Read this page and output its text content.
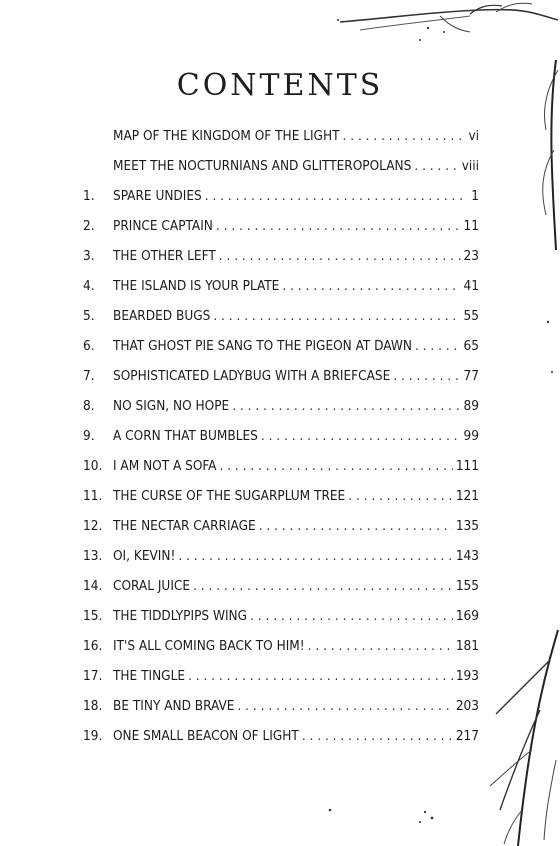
CONTENTS
MAP OF THE KINGDOM OF THE LIGHT . . .	vi
MEET THE NOCTURNIANS AND GLITTEROPOLANS . . .	viii
1.	SPARE UNDIES . . .	1
2.	PRINCE CAPTAIN . . .	11
3.	THE OTHER LEFT . . .	23
4.	THE ISLAND IS YOUR PLATE . . .	41
5.	BEARDED BUGS . . .	55
6.	THAT GHOST PIE SANG TO THE PIGEON AT DAWN . . .	65
7.	SOPHISTICATED LADYBUG WITH A BRIEFCASE . . .	77
8.	NO SIGN, NO HOPE . . .	89
9.	A CORN THAT BUMBLES . . .	99
10. I AM NOT A SOFA . . .	111
11. THE CURSE OF THE SUGARPLUM TREE . . .	121
12. THE NECTAR CARRIAGE . . .	135
13. OI, KEVIN! . . .	143
14. CORAL JUICE . . .	155
15. THE TIDDLYPIPS WING . . .	169
16. IT'S ALL COMING BACK TO HIM! . . .	181
17. THE TINGLE . . .	193
18. BE TINY AND BRAVE . . .	203
19. ONE SMALL BEACON OF LIGHT . . .	217
